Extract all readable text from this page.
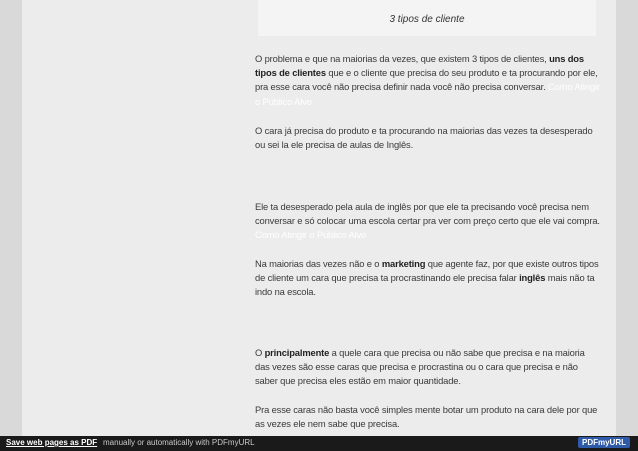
3 tipos de cliente
O problema e que na maiorias da vezes, que existem 3 tipos de clientes, uns dos tipos de clientes que e o cliente que precisa do seu produto e ta procurando por ele, pra esse cara você não precisa definir nada você não precisa conversar. Como Atingir o Público Alvo
O cara já precisa do produto e ta procurando na maiorias das vezes ta desesperado ou sei la ele precisa de aulas de Inglês.
Ele ta desesperado pela aula de inglês por que ele ta precisando você precisa nem conversar e só colocar uma escola certar pra ver com preço certo que ele vai compra. Como Atingir o Público Alvo
Na maiorias das vezes não e o marketing que agente faz, por que existe outros tipos de cliente um cara que precisa ta procrastinando ele precisa falar inglês mais não ta indo na escola.
O principalmente a quele cara que precisa ou não sabe que precisa e na maioria das vezes são esse caras que precisa e procrastina ou o cara que precisa e não saber que precisa eles estão em maior quantidade.
Pra esse caras não basta você simples mente botar um produto na cara dele por que as vezes ele nem sabe que precisa.
Save web pages as PDF manually or automatically with PDFmyURL	PDFmyURL
